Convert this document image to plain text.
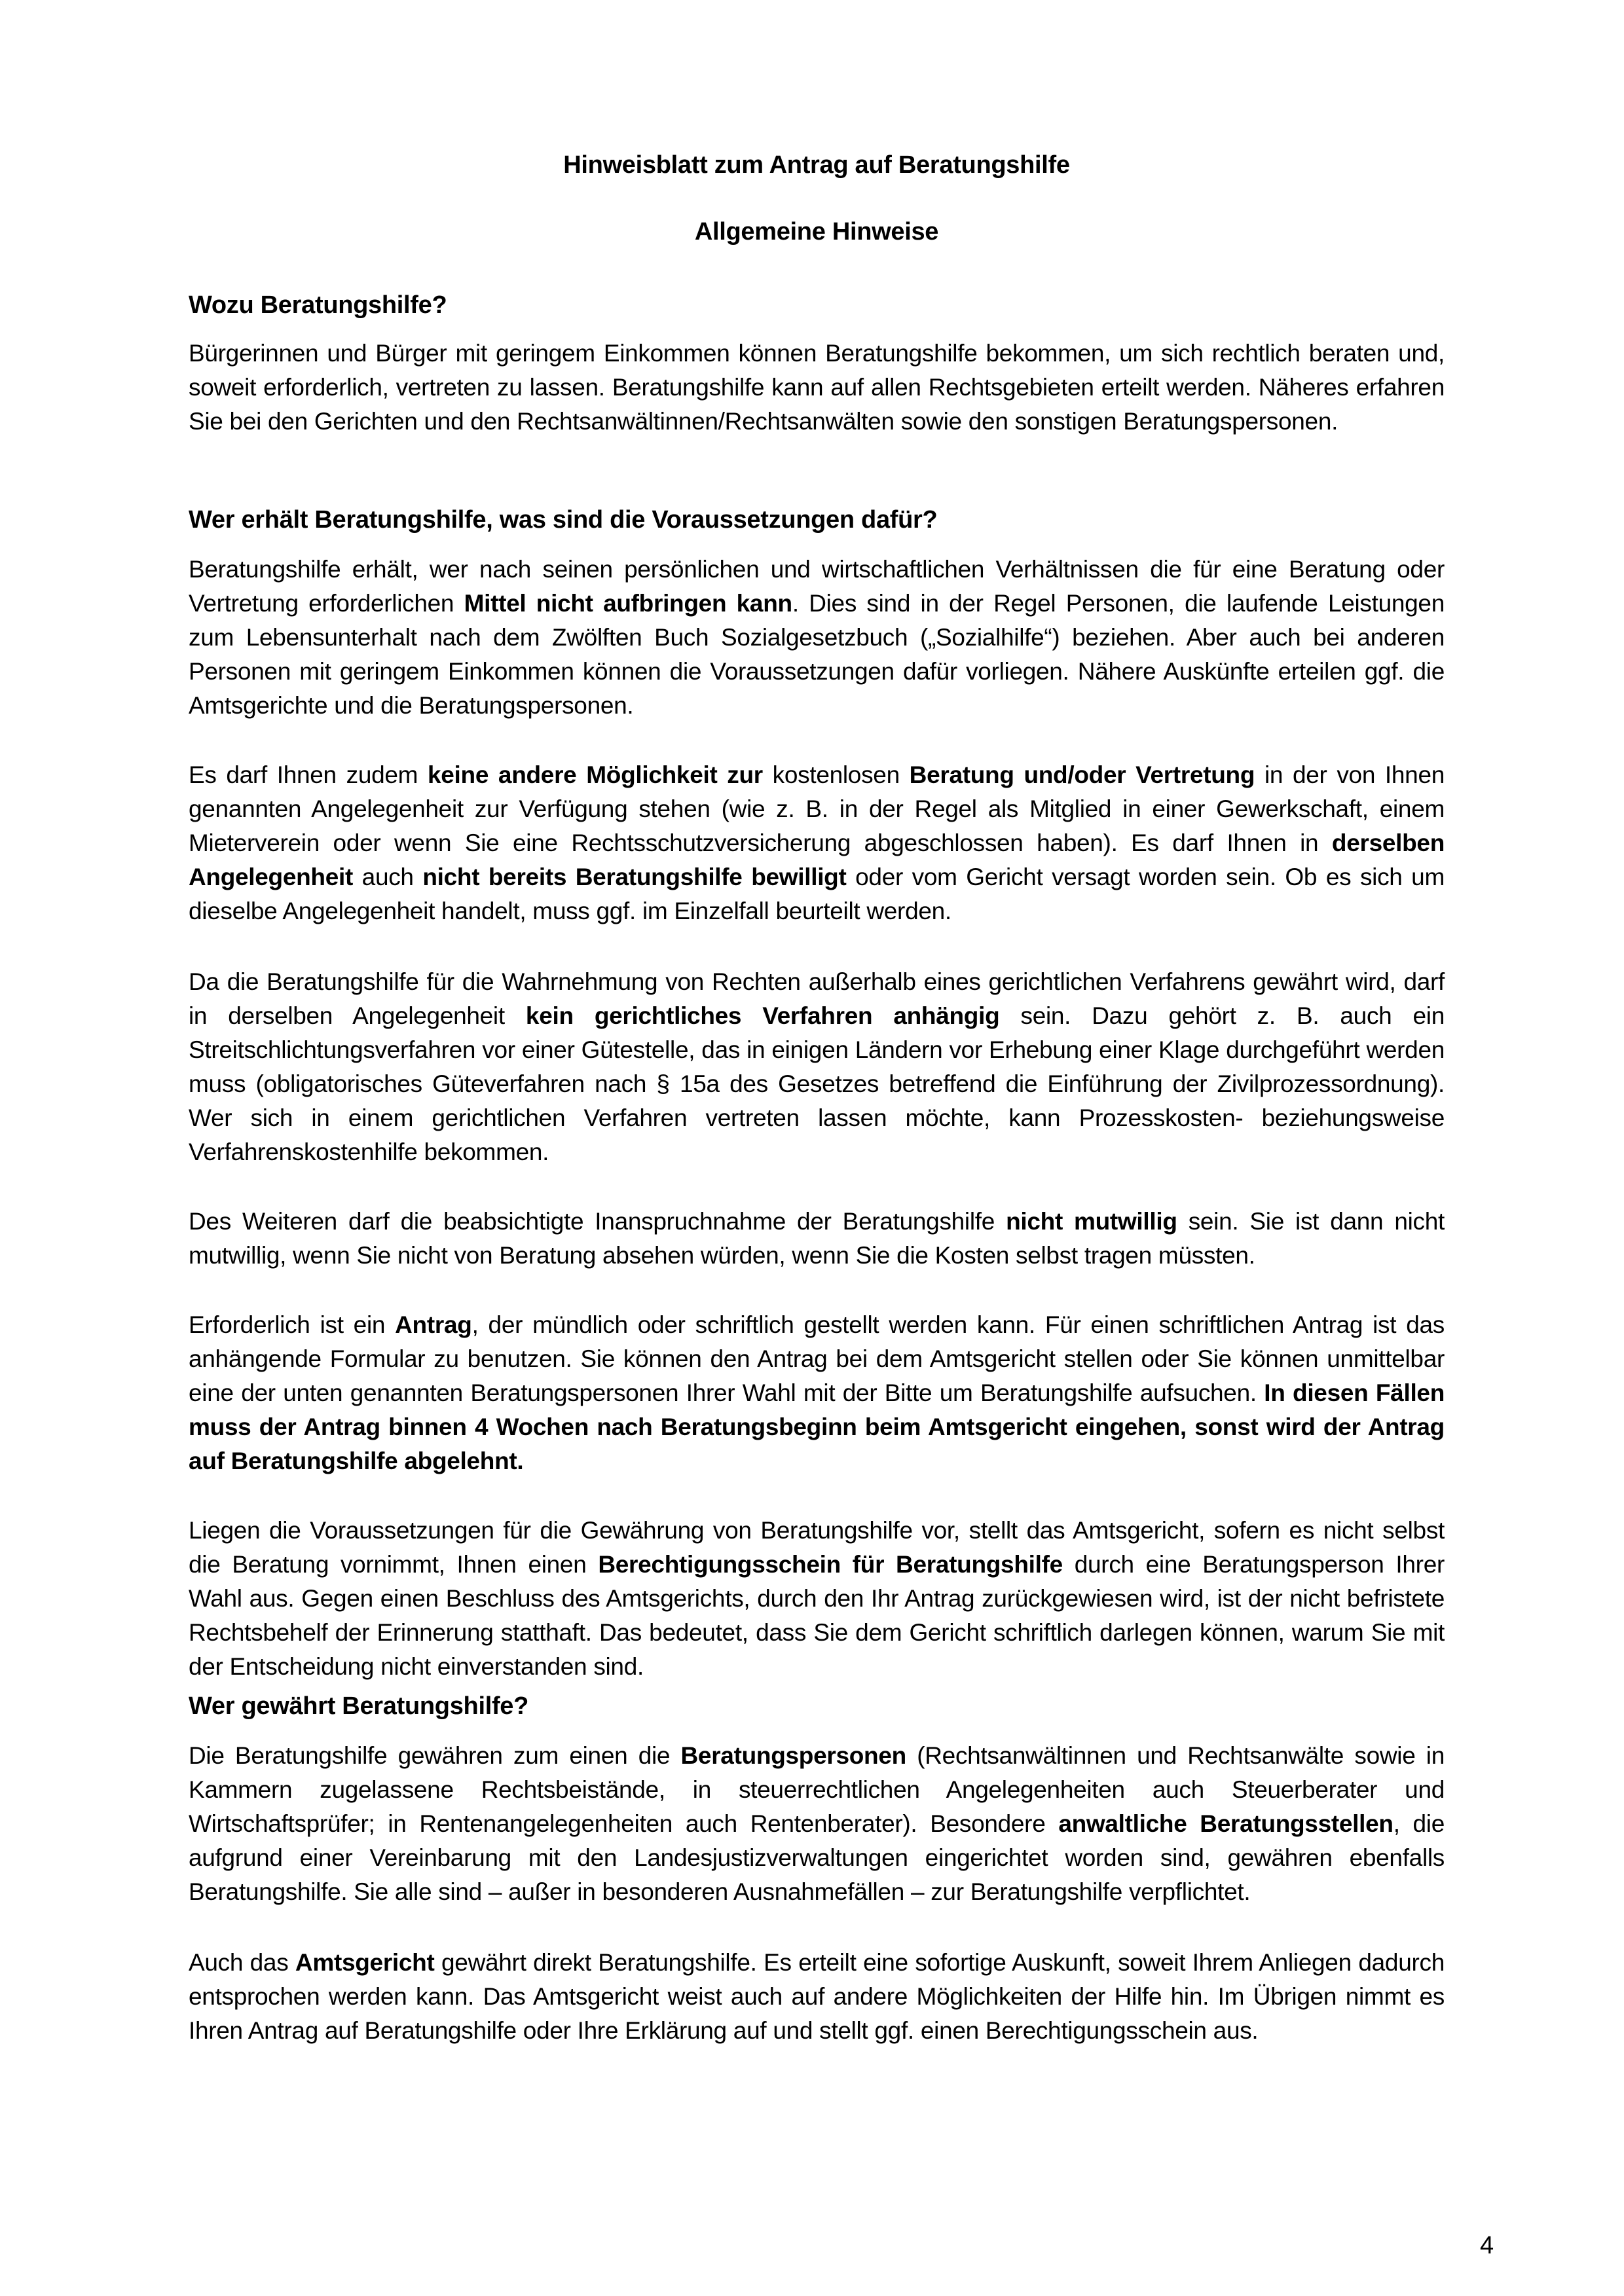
Hinweisblatt zum Antrag auf Beratungshilfe
Allgemeine Hinweise
Wozu Beratungshilfe?

Bürgerinnen und Bürger mit geringem Einkommen können Beratungshilfe bekommen, um sich rechtlich beraten und, soweit erforderlich, vertreten zu lassen. Beratungshilfe kann auf allen Rechtsgebieten erteilt werden. Näheres erfahren Sie bei den Gerichten und den Rechtsanwältinnen/Rechtsanwälten sowie den sonstigen Beratungspersonen.

Wer erhält Beratungshilfe, was sind die Voraussetzungen dafür?

Beratungshilfe erhält, wer nach seinen persönlichen und wirtschaftlichen Verhältnissen die für eine Beratung oder Vertretung erforderlichen Mittel nicht aufbringen kann. Dies sind in der Regel Personen, die laufende Leistungen zum Lebensunterhalt nach dem Zwölften Buch Sozialgesetzbuch („Sozialhilfe“) beziehen. Aber auch bei anderen Personen mit geringem Einkommen können die Voraussetzungen dafür vorliegen. Nähere Auskünfte erteilen ggf. die Amtsgerichte und die Beratungspersonen.

Es darf Ihnen zudem keine andere Möglichkeit zur kostenlosen Beratung und/oder Vertretung in der von Ihnen genannten Angelegenheit zur Verfügung stehen (wie z. B. in der Regel als Mitglied in einer Gewerkschaft, einem Mieterverein oder wenn Sie eine Rechtsschutzversicherung abgeschlossen haben). Es darf Ihnen in derselben Angelegenheit auch nicht bereits Beratungshilfe bewilligt oder vom Gericht versagt worden sein. Ob es sich um dieselbe Angelegenheit handelt, muss ggf. im Einzelfall beurteilt werden.

Da die Beratungshilfe für die Wahrnehmung von Rechten außerhalb eines gerichtlichen Verfahrens gewährt wird, darf in derselben Angelegenheit kein gerichtliches Verfahren anhängig sein. Dazu gehört z. B. auch ein Streitschlichtungsverfahren vor einer Gütestelle, das in einigen Ländern vor Erhebung einer Klage durchgeführt werden muss (obligatorisches Güteverfahren nach § 15a des Gesetzes betreffend die Einführung der Zivilprozessordnung). Wer sich in einem gerichtlichen Verfahren vertreten lassen möchte, kann Prozesskosten- beziehungsweise Verfahrenskostenhilfe bekommen.

Des Weiteren darf die beabsichtigte Inanspruchnahme der Beratungshilfe nicht mutwillig sein. Sie ist dann nicht mutwillig, wenn Sie nicht von Beratung absehen würden, wenn Sie die Kosten selbst tragen müssten.

Erforderlich ist ein Antrag, der mündlich oder schriftlich gestellt werden kann. Für einen schriftlichen Antrag ist das anhängende Formular zu benutzen. Sie können den Antrag bei dem Amtsgericht stellen oder Sie können unmittelbar eine der unten genannten Beratungspersonen Ihrer Wahl mit der Bitte um Beratungshilfe aufsuchen. In diesen Fällen muss der Antrag binnen 4 Wochen nach Beratungsbeginn beim Amtsgericht eingehen, sonst wird der Antrag auf Beratungshilfe abgelehnt.

Liegen die Voraussetzungen für die Gewährung von Beratungshilfe vor, stellt das Amtsgericht, sofern es nicht selbst die Beratung vornimmt, Ihnen einen Berechtigungsschein für Beratungshilfe durch eine Beratungsperson Ihrer Wahl aus. Gegen einen Beschluss des Amtsgerichts, durch den Ihr Antrag zurückgewiesen wird, ist der nicht befristete Rechtsbehelf der Erinnerung statthaft. Das bedeutet, dass Sie dem Gericht schriftlich darlegen können, warum Sie mit der Entscheidung nicht einverstanden sind.

Wer gewährt Beratungshilfe?

Die Beratungshilfe gewähren zum einen die Beratungspersonen (Rechtsanwältinnen und Rechtsanwälte sowie in Kammern zugelassene Rechtsbeistände, in steuerrechtlichen Angelegenheiten auch Steuerberater und Wirtschaftsprüfer; in Rentenangelegenheiten auch Rentenberater). Besondere anwaltliche Beratungsstellen, die aufgrund einer Vereinbarung mit den Landesjustizverwaltungen eingerichtet worden sind, gewähren ebenfalls Beratungshilfe. Sie alle sind – außer in besonderen Ausnahmefällen – zur Beratungshilfe verpflichtet.

Auch das Amtsgericht gewährt direkt Beratungshilfe. Es erteilt eine sofortige Auskunft, soweit Ihrem Anliegen dadurch entsprochen werden kann. Das Amtsgericht weist auch auf andere Möglichkeiten der Hilfe hin. Im Übrigen nimmt es Ihren Antrag auf Beratungshilfe oder Ihre Erklärung auf und stellt ggf. einen Berechtigungsschein aus.

4
